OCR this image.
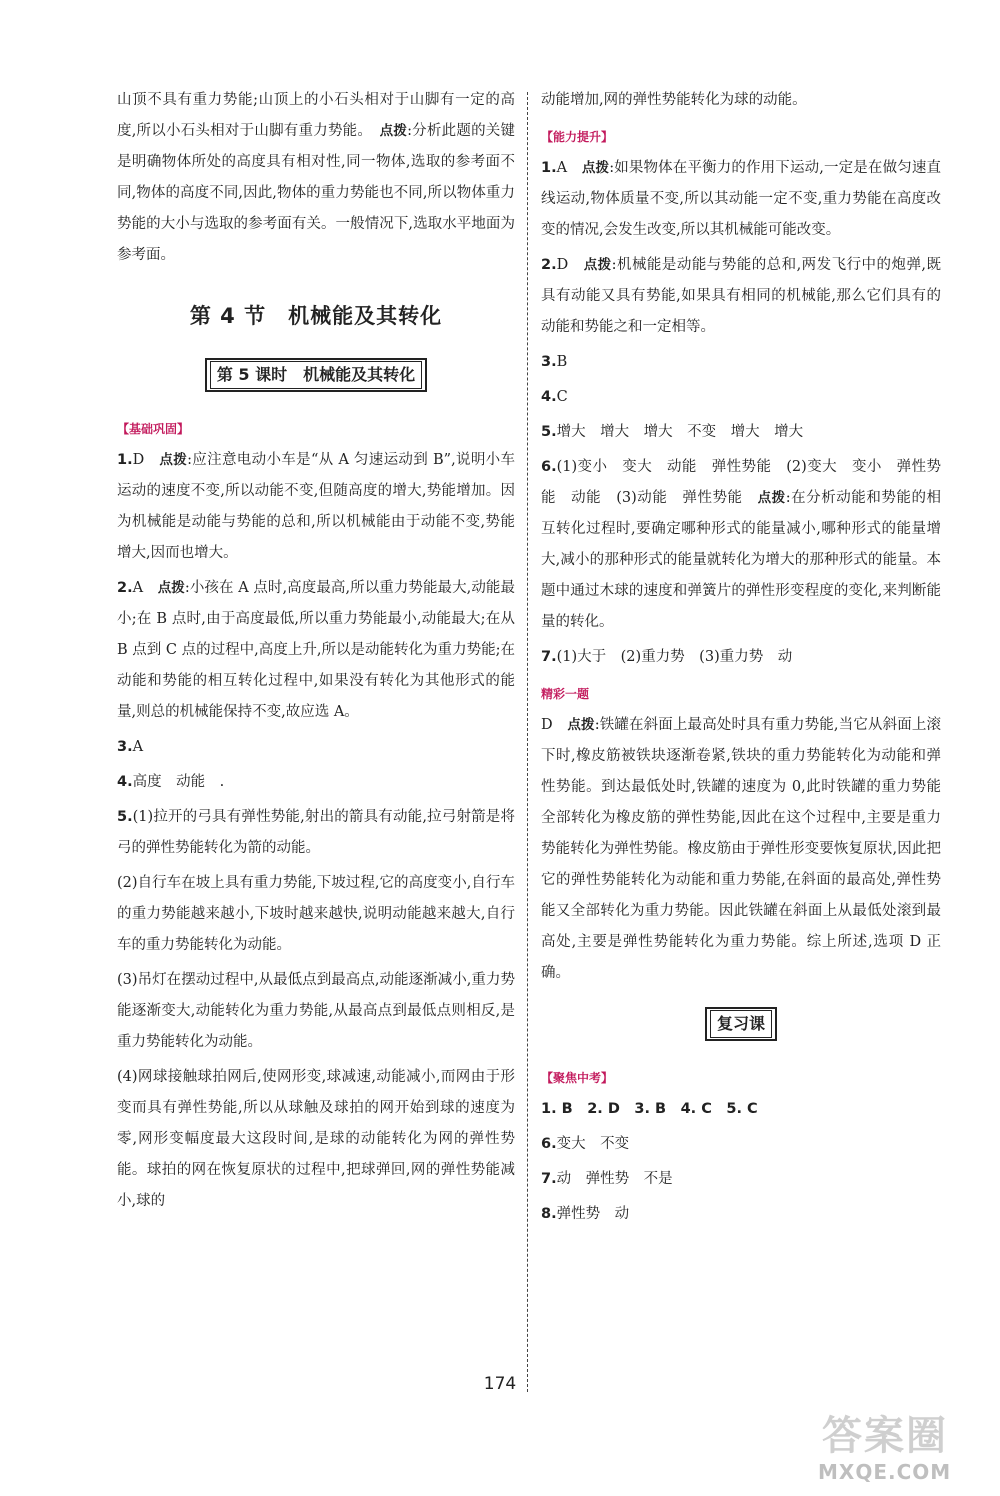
山顶不具有重力势能;山顶上的小石头相对于山脚有一定的高度,所以小石头相对于山脚有重力势能。　 点拨:分析此题的关键是明确物体所处的高度具有相对性,同一物体,选取的参考面不同,物体的高度不同,因此,物体的重力势能也不同,所以物体重力势能的大小与选取的参考面有关。一般情况下,选取水平地面为参考面。

第 4 节　机械能及其转化
第 5 课时　机械能及其转化
【基础巩固】

1.D　 点拨:应注意电动小车是“从 A 匀速运动到 B”,说明小车运动的速度不变,所以动能不变,但随高度的增大,势能增加。因为机械能是动能与势能的总和,所以机械能由于动能不变,势能增大,因而也增大。

2.A　 点拨:小孩在 A 点时,高度最高,所以重力势能最大,动能最小;在 B 点时,由于高度最低,所以重力势能最小,动能最大;在从 B 点到 C 点的过程中,高度上升,所以是动能转化为重力势能;在动能和势能的相互转化过程中,如果没有转化为其他形式的能量,则总的机械能保持不变,故应选 A。

3.A

4.高度　动能　.

5.(1)拉开的弓具有弹性势能,射出的箭具有动能,拉弓射箭是将弓的弹性势能转化为箭的动能。

(2)自行车在坡上具有重力势能,下坡过程,它的高度变小,自行车的重力势能越来越小,下坡时越来越快,说明动能越来越大,自行车的重力势能转化为动能。

(3)吊灯在摆动过程中,从最低点到最高点,动能逐渐减小,重力势能逐渐变大,动能转化为重力势能,从最高点到最低点则相反,是重力势能转化为动能。

(4)网球接触球拍网后,使网形变,球减速,动能减小,而网由于形变而具有弹性势能,所以从球触及球拍的网开始到球的速度为零,网形变幅度最大这段时间,是球的动能转化为网的弹性势能。球拍的网在恢复原状的过程中,把球弹回,网的弹性势能减小,球的

动能增加,网的弹性势能转化为球的动能。

【能力提升】

1.A　 点拨:如果物体在平衡力的作用下运动,一定是在做匀速直线运动,物体质量不变,所以其动能一定不变,重力势能在高度改变的情况,会发生改变,所以其机械能可能改变。

2.D　 点拨:机械能是动能与势能的总和,两发飞行中的炮弹,既具有动能又具有势能,如果具有相同的机械能,那么它们具有的动能和势能之和一定相等。

3.B

4.C

5.增大　增大　增大　不变　增大　增大

6.(1)变小　变大　动能　弹性势能　(2)变大　变小　弹性势能　动能　(3)动能　弹性势能　点拨:在分析动能和势能的相互转化过程时,要确定哪种形式的能量减小,哪种形式的能量增大,减小的那种形式的能量就转化为增大的那种形式的能量。本题中通过木球的速度和弹簧片的弹性形变程度的变化,来判断能量的转化。

7.(1)大于　(2)重力势　(3)重力势　动

精彩一题

D　 点拨:铁罐在斜面上最高处时具有重力势能,当它从斜面上滚下时,橡皮筋被铁块逐渐卷紧,铁块的重力势能转化为动能和弹性势能。到达最低处时,铁罐的速度为 0,此时铁罐的重力势能全部转化为橡皮筋的弹性势能,因此在这个过程中,主要是重力势能转化为弹性势能。橡皮筋由于弹性形变要恢复原状,因此把它的弹性势能转化为动能和重力势能,在斜面的最高处,弹性势能又全部转化为重力势能。因此铁罐在斜面上从最低处滚到最高处,主要是弹性势能转化为重力势能。综上所述,选项 D 正确。

复习课
【聚焦中考】

1. B　2. D　3. B　4. C　5. C

6.变大　不变

7.动　弹性势　不是

8.弹性势　动

174
答案圈
MXQE.COM
